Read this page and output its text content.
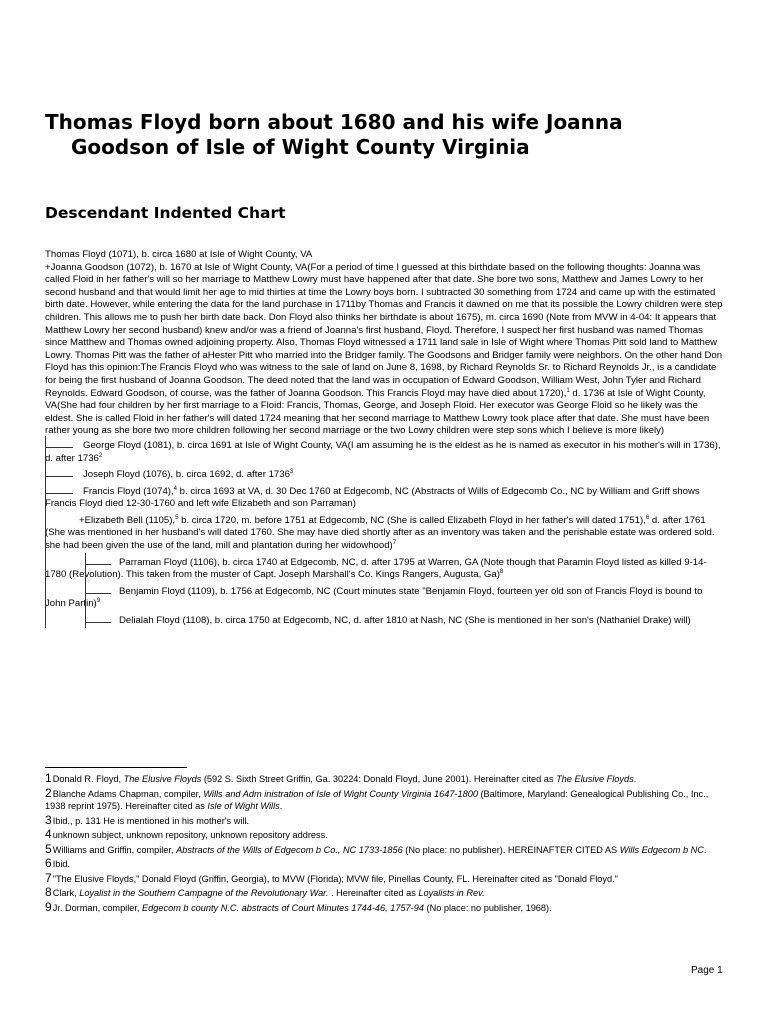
Thomas Floyd born about 1680 and his wife Joanna

Goodson of Isle of Wight County Virginia
Descendant Indented Chart

Thomas Floyd (1071), b. circa 1680 at Isle of Wight County, VA

+Joanna Goodson (1072), b. 1670 at Isle of Wight County, VA(For a period of time I guessed at this birthdate based on the following thoughts: Joanna was called Floid in her father's will so her marriage to Matthew Lowry must have happened after that date. She bore two sons, Matthew and James Lowry to her second husband and that would limit her age to mid thirties at time the Lowry boys born. I subtracted 30 something from 1724 and came up with the estimated birth date. However, while entering the data for the land purchase in 1711by Thomas and Francis it dawned on me that its possible the Lowry children were step children. This allows me to push her birth date back. Don Floyd also thinks her birthdate is about 1675), m. circa 1690 (Note from MVW in 4-04: It appears that Matthew Lowry her second husband) knew and/or was a friend of Joanna's first husband, Floyd. Therefore, I suspect her first husband was named Thomas since Matthew and Thomas owned adjoining property. Also, Thomas Floyd witnessed a 1711 land sale in Isle of Wight where Thomas Pitt sold land to Matthew Lowry. Thomas Pitt was the father of aHester Pitt who married into the Bridger family. The Goodsons and Bridger family were neighbors. On the other hand Don Floyd has this opinion:The Francis Floyd who was witness to the sale of land on June 8, 1698, by Richard Reynolds Sr. to Richard Reynolds Jr., is a candidate for being the first husband of Joanna Goodson. The deed noted that the land was in occupation of Edward Goodson, William West, John Tyler and Richard Reynolds. Edward Goodson, of course, was the father of Joanna Goodson. This Francis Floyd may have died about 1720),$^1$ d. 1736 at Isle of Wight County, VA(She had four children by her first marriage to a Floid: Francis, Thomas, George, and Joseph Floid. Her executor was George Floid so he likely was the eldest. She is called Floid in her father's will dated 1724 meaning that her second marriage to Matthew Lowry took place after that date. She must have been rather young as she bore two more children following her second marriage or the two Lowry children were step sons which I believe is more likely)

George Floyd (1081), b. circa 1691 at Isle of Wight County, VA(I am assuming he is the eldest as he is named as executor in his mother's will in 1736), d. after 1736$^2$
Joseph Floyd (1076), b. circa 1692, d. after 1736$^3$
Francis Floyd (1074),$^4$ b. circa 1693 at VA, d. 30 Dec 1760 at Edgecomb, NC (Abstracts of Wills of Edgecomb Co., NC by William and Griff shows Francis Floyd died 12-30-1760 and left wife Elizabeth and son Parraman)
+Elizabeth Bell (1105),$^5$ b. circa 1720, m. before 1751 at Edgecomb, NC (She is called Elizabeth Floyd in her father's will dated 1751),$^6$ d. after 1761 (She was mentioned in her husband's will dated 1760. She may have died shortly after as an inventory was taken and the perishable estate was ordered sold. she had been given the use of the land, mill and plantation during her widowhood)$^7$
Parraman Floyd (1106), b. circa 1740 at Edgecomb, NC, d. after 1795 at Warren, GA (Note though that Paramin Floyd listed as killed 9-14-1780 (Revolution). This taken from the muster of Capt. Joseph Marshall's Co. Kings Rangers, Augusta, Ga)$^8$
Benjamin Floyd (1109), b. 1756 at Edgecomb, NC (Court minutes state "Benjamin Floyd, fourteen yer old son of Francis Floyd is bound to John Partin)$^9$
Delialah Floyd (1108), b. circa 1750 at Edgecomb, NC, d. after 1810 at Nash, NC (She is mentioned in her son's (Nathaniel Drake) will)

1Donald R. Floyd, The Elusive Floyds (592 S. Sixth Street Griffin, Ga. 30224: Donald Floyd, June 2001). Hereinafter cited as The Elusive Floyds.

2Blanche Adams Chapman, compiler, Wills and Adm inistration of Isle of Wight County Virginia 1647-1800 (Baltimore, Maryland: Genealogical Publishing Co., Inc., 1938 reprint 1975). Hereinafter cited as Isle of Wight Wills.

3Ibid., p. 131 He is mentioned in his mother's will.

4unknown subject, unknown repository, unknown repository address.

5Williams and Griffin, compiler, Abstracts of the Wills of Edgecom b Co., NC 1733-1856 (No place: no publisher). HEREINAFTER CITED AS Wills Edgecom b NC.

6Ibid.

7"The Elusive Floyds," Donald Floyd (Griffin, Georgia), to MVW (Florida); MVW file, Pinellas County, FL. Hereinafter cited as "Donald Floyd."

8Clark, Loyalist in the Southern Campagne of the Revolutionary War. . Hereinafter cited as Loyalists in Rev.

9Jr. Dorman, compiler, Edgecom b county N.C. abstracts of Court Minutes 1744-46, 1757-94 (No place: no publisher, 1968).

Page 1
